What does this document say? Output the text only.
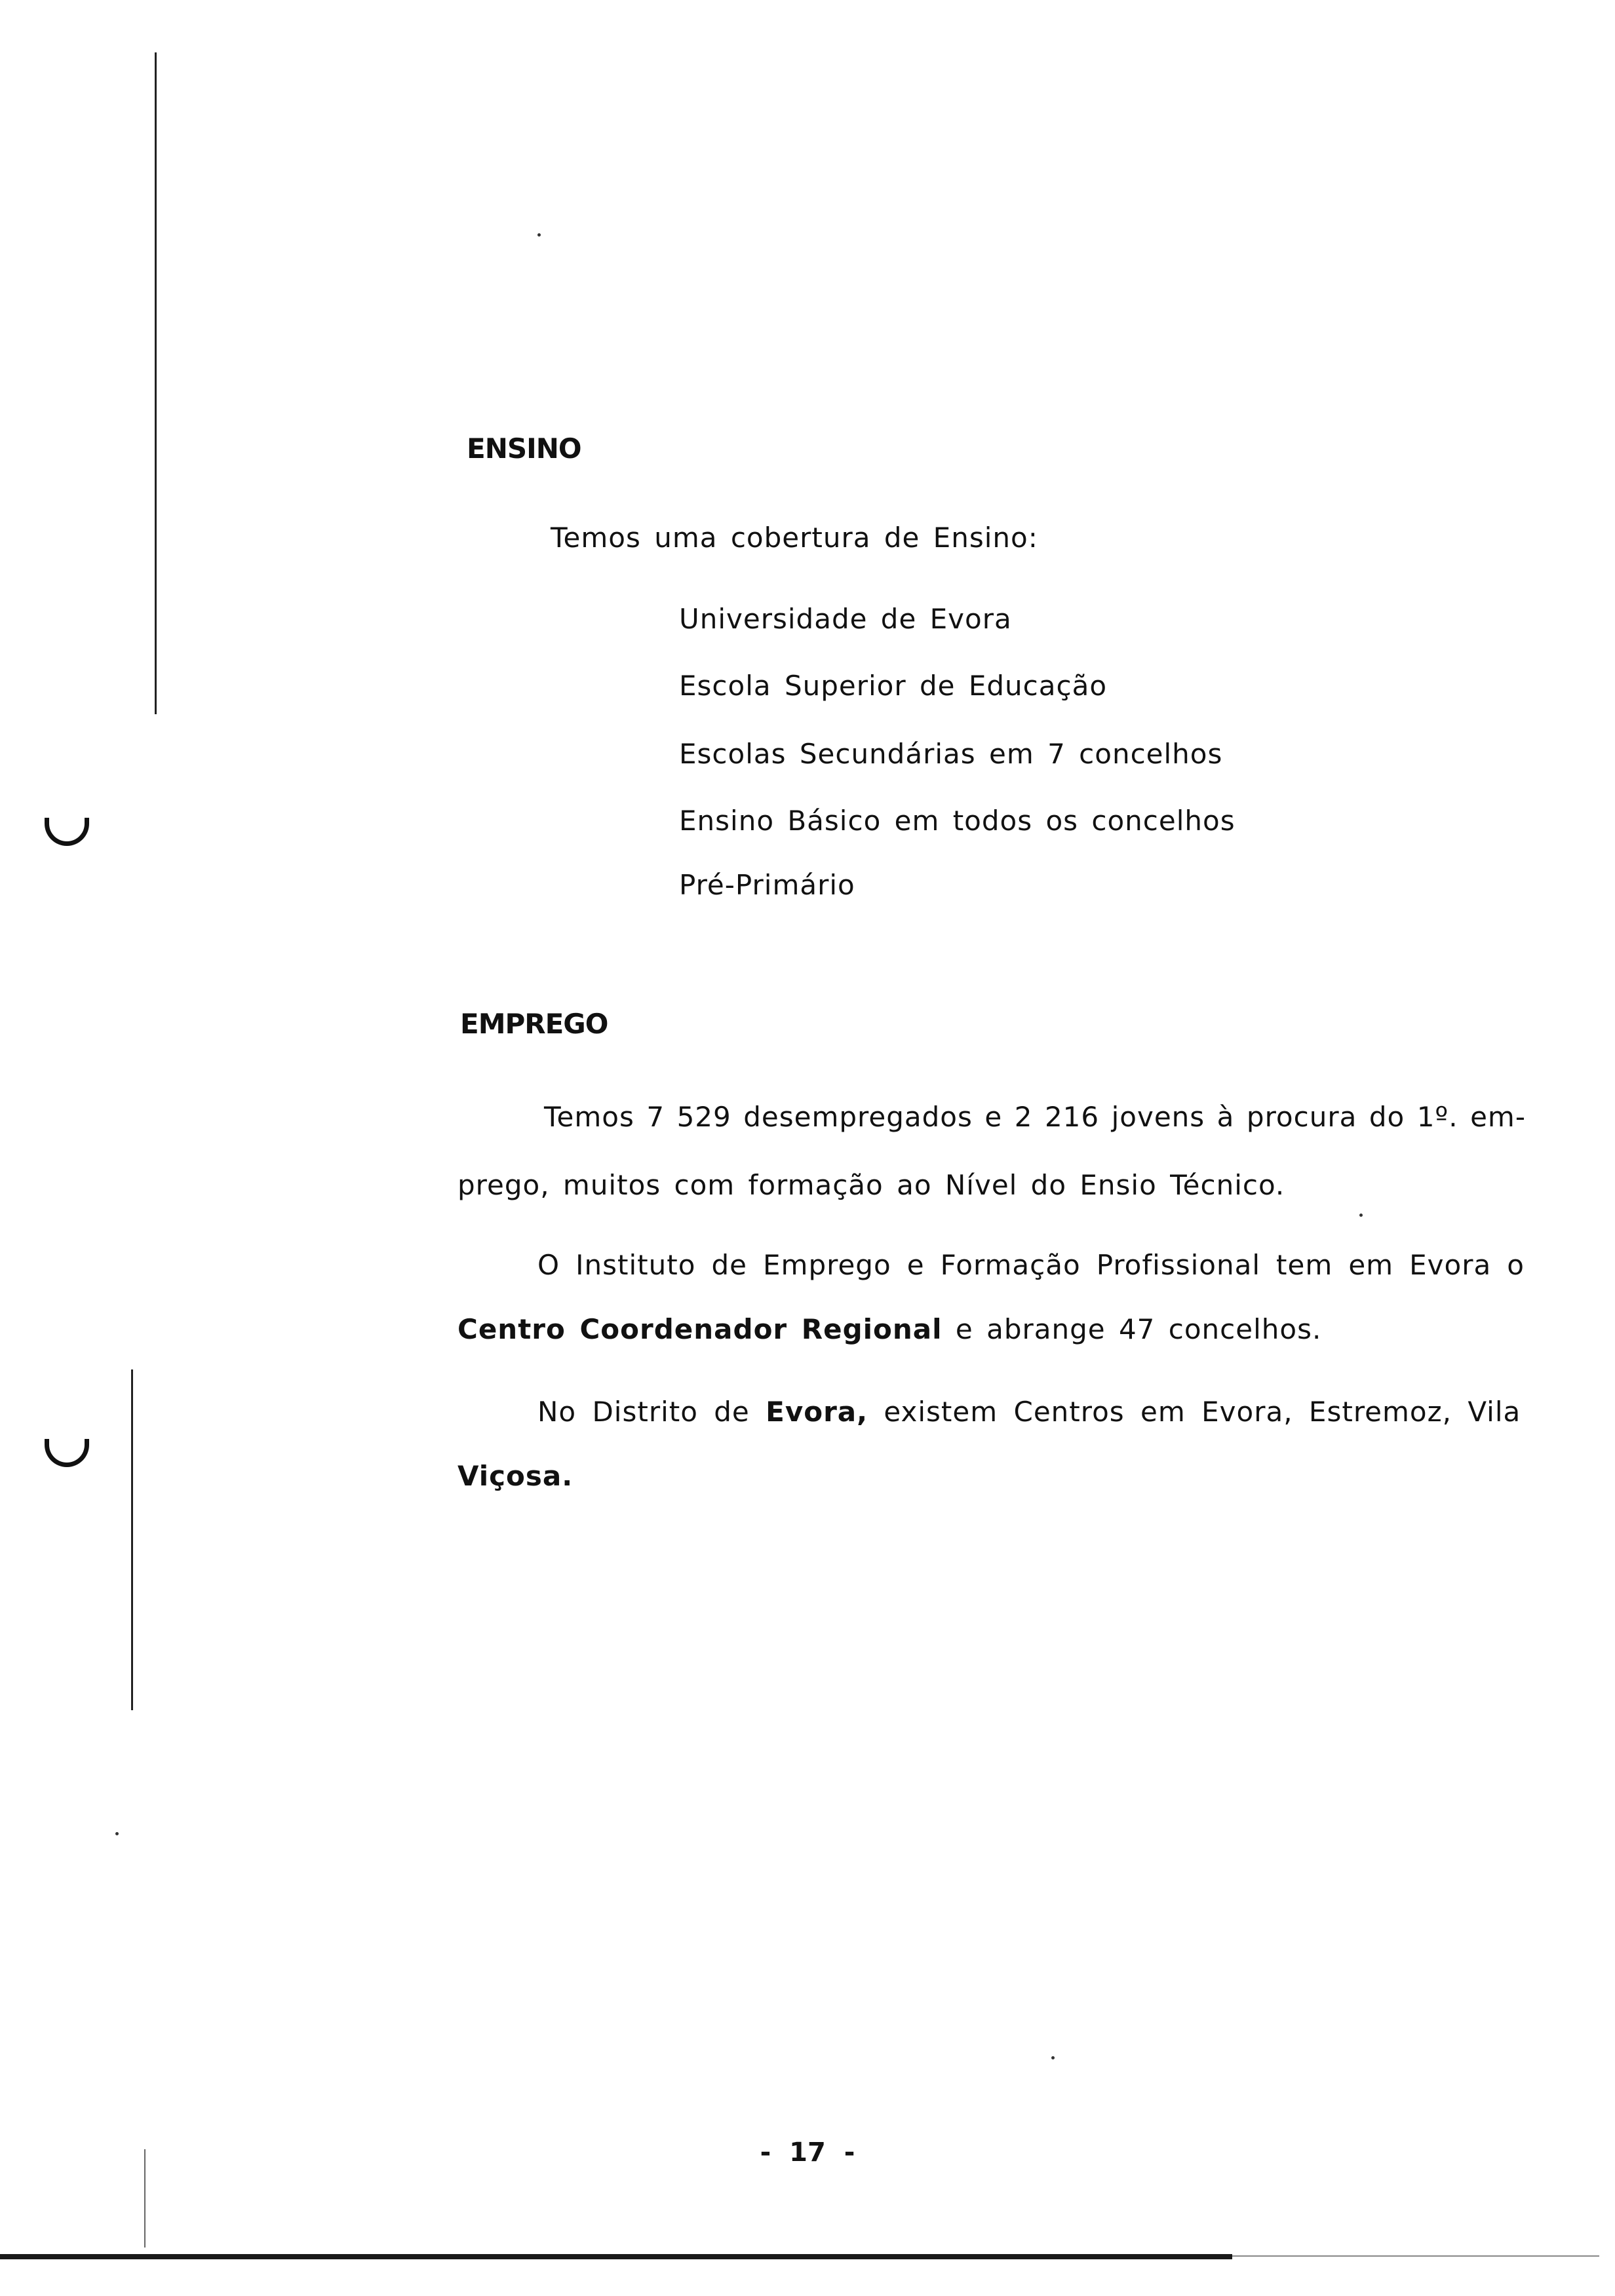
ENSINO
Temos uma cobertura de Ensino:
Universidade de Evora
Escola Superior de Educação
Escolas Secundárias em 7 concelhos
Ensino Básico em todos os concelhos
Pré-Primário
EMPREGO
Temos 7 529 desempregados e 2 216 jovens à procura do 1º. em-
prego, muitos com formação ao Nível do Ensio Técnico.
O Instituto de Emprego e Formação Profissional tem em Evora o
Centro Coordenador Regional e abrange 47 concelhos.
No Distrito de Evora, existem Centros em Evora, Estremoz, Vila
Viçosa.
- 17 -
